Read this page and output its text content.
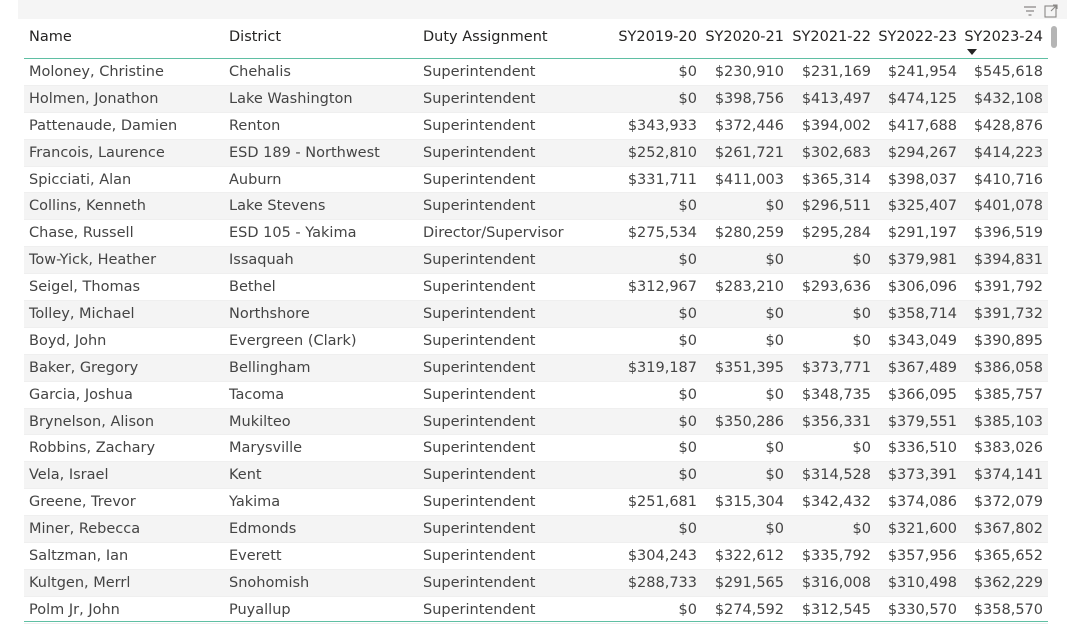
Name	District	Duty Assignment	SY2019-20 SY2020-21 SY2021-22 SY2022-23 SY2023-24
Moloney, Christine	Chehalis	Superintendent	$0 $230,910 $231,169 $241,954 $545,618
Holmen, Jonathon	Lake Washington	Superintendent	$0 $398,756 $413,497 $474,125 $432,108
Pattenaude, Damien	Renton	Superintendent	$343,933 $372,446 $394,002 $417,688 $428,876
Francois, Laurence	ESD 189 - Northwest	Superintendent	$252,810 $261,721 $302,683 $294,267 $414,223
Spicciati, Alan	Auburn	Superintendent	$331,711 $411,003 $365,314 $398,037 $410,716
Collins, Kenneth	Lake Stevens	Superintendent	$0	$0 $296,511 $325,407 $401,078
Chase, Russell	ESD 105 - Yakima	Director/Supervisor	$275,534 $280,259 $295,284 $291,197 $396,519
Tow-Yick, Heather	Issaquah	Superintendent	$0	$0	$0 $379,981 $394,831
Seigel, Thomas	Bethel	Superintendent	$312,967 $283,210 $293,636 $306,096 $391,792
Tolley, Michael	Northshore	Superintendent	$0	$0	$0 $358,714 $391,732
Boyd, John	Evergreen (Clark)	Superintendent	$0	$0	$0 $343,049 $390,895
Baker, Gregory	Bellingham	Superintendent	$319,187 $351,395 $373,771 $367,489 $386,058
Garcia, Joshua	Tacoma	Superintendent	$0	$0 $348,735 $366,095 $385,757
Brynelson, Alison	Mukilteo	Superintendent	$0 $350,286 $356,331 $379,551 $385,103
Robbins, Zachary	Marysville	Superintendent	$0	$0	$0 $336,510 $383,026
Vela, Israel	Kent	Superintendent	$0	$0 $314,528 $373,391 $374,141
Greene, Trevor	Yakima	Superintendent	$251,681 $315,304 $342,432 $374,086 $372,079
Miner, Rebecca	Edmonds	Superintendent	$0	$0	$0 $321,600 $367,802
Saltzman, Ian	Everett	Superintendent	$304,243 $322,612 $335,792 $357,956 $365,652
Kultgen, Merrl	Snohomish	Superintendent	$288,733 $291,565 $316,008 $310,498 $362,229
Polm Jr, John	Puyallup	Superintendent	$0 $274,592 $312,545 $330,570 $358,570
